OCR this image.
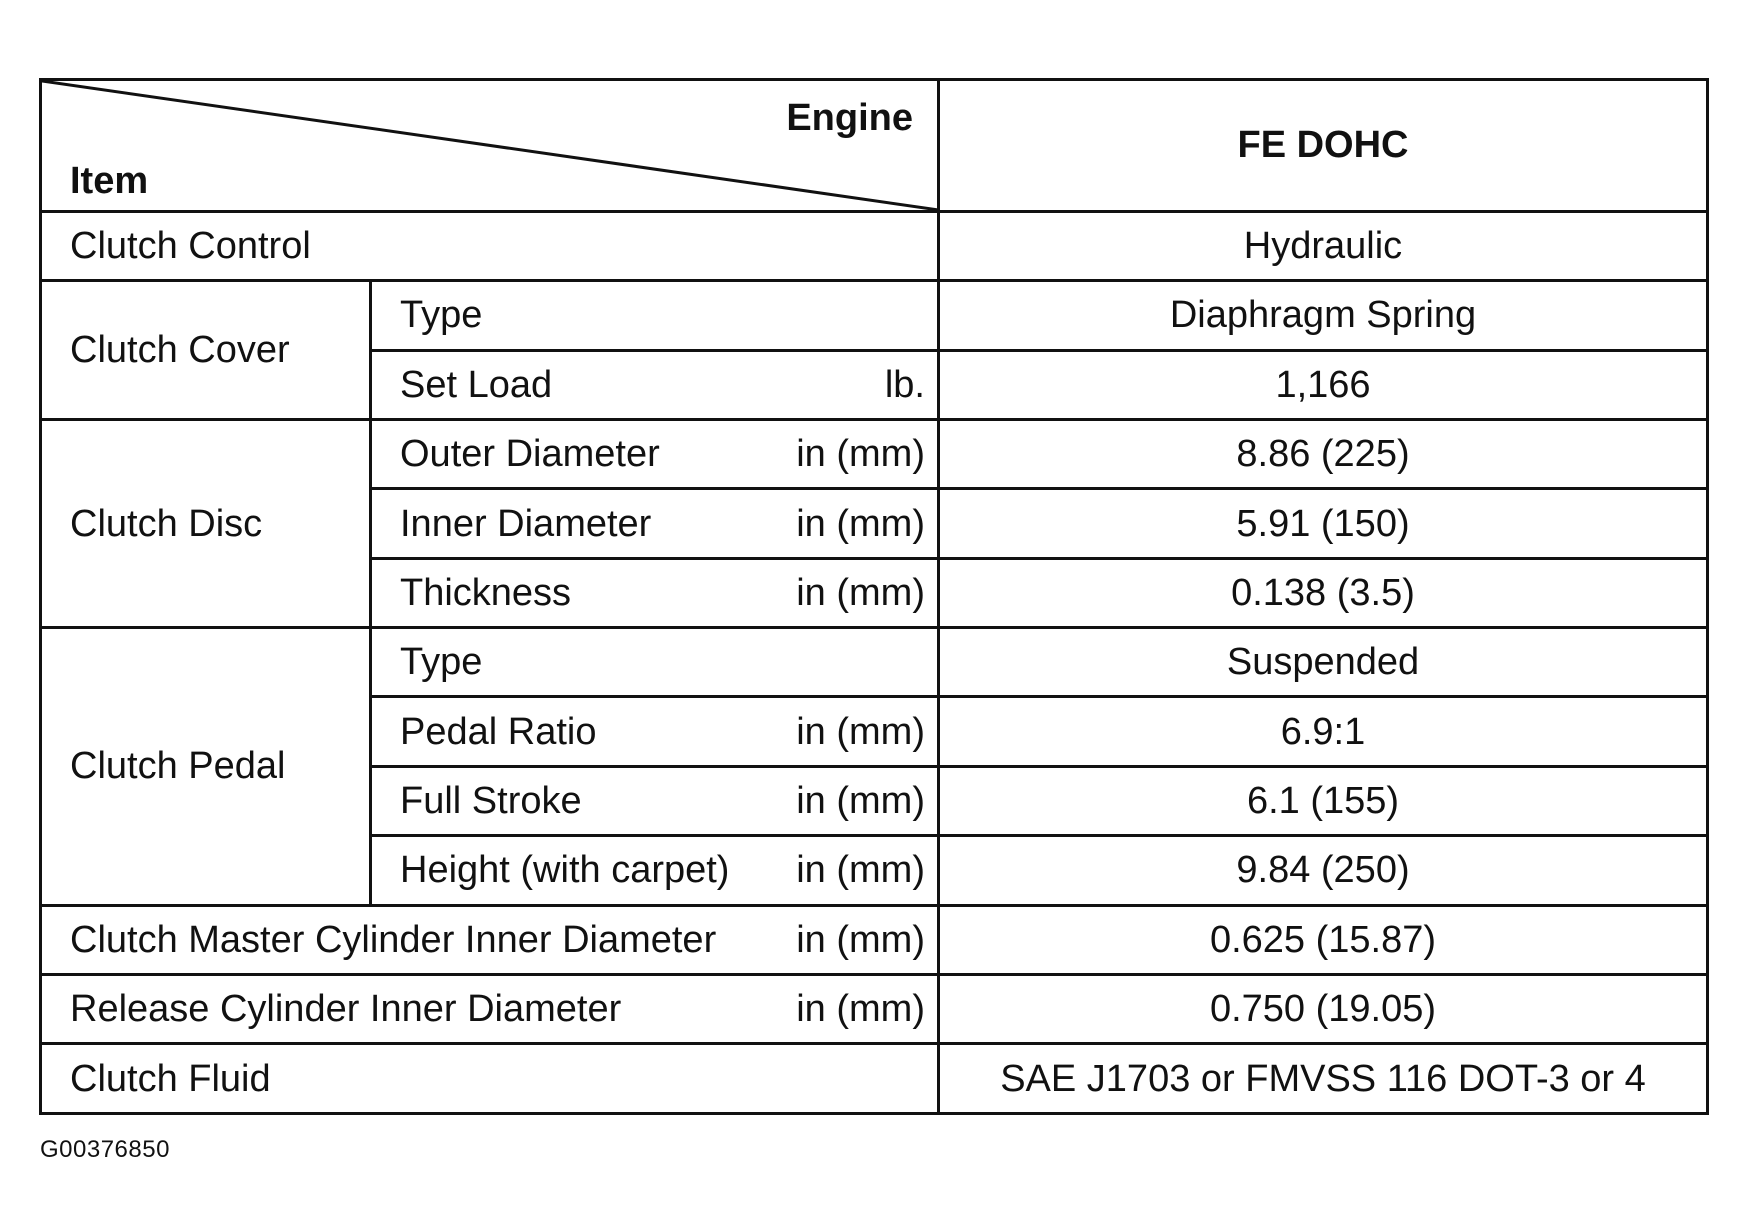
Engine
Item		FE DOHC
Clutch Control		Hydraulic
Clutch Cover	Type	Diaphragm Spring

	Set Load lb.	1,166
Clutch Disc	Outer Diameter in (mm)	8.86 (225)

	Inner Diameter in (mm)	5.91 (150)

	Thickness in (mm)	0.138 (3.5)
Clutch Pedal	Type	Suspended

	Pedal Ratio in (mm)	6.9:1

	Full Stroke in (mm)	6.1 (155)

	Height (with carpet) in (mm)	9.84 (250)

Clutch Master Cylinder Inner Diameter in (mm)		0.625 (15.87)

Release Cylinder Inner Diameter in (mm)		0.750 (19.05)
Clutch Fluid		SAE J1703 or FMVSS 116 DOT-3 or 4
G00376850
